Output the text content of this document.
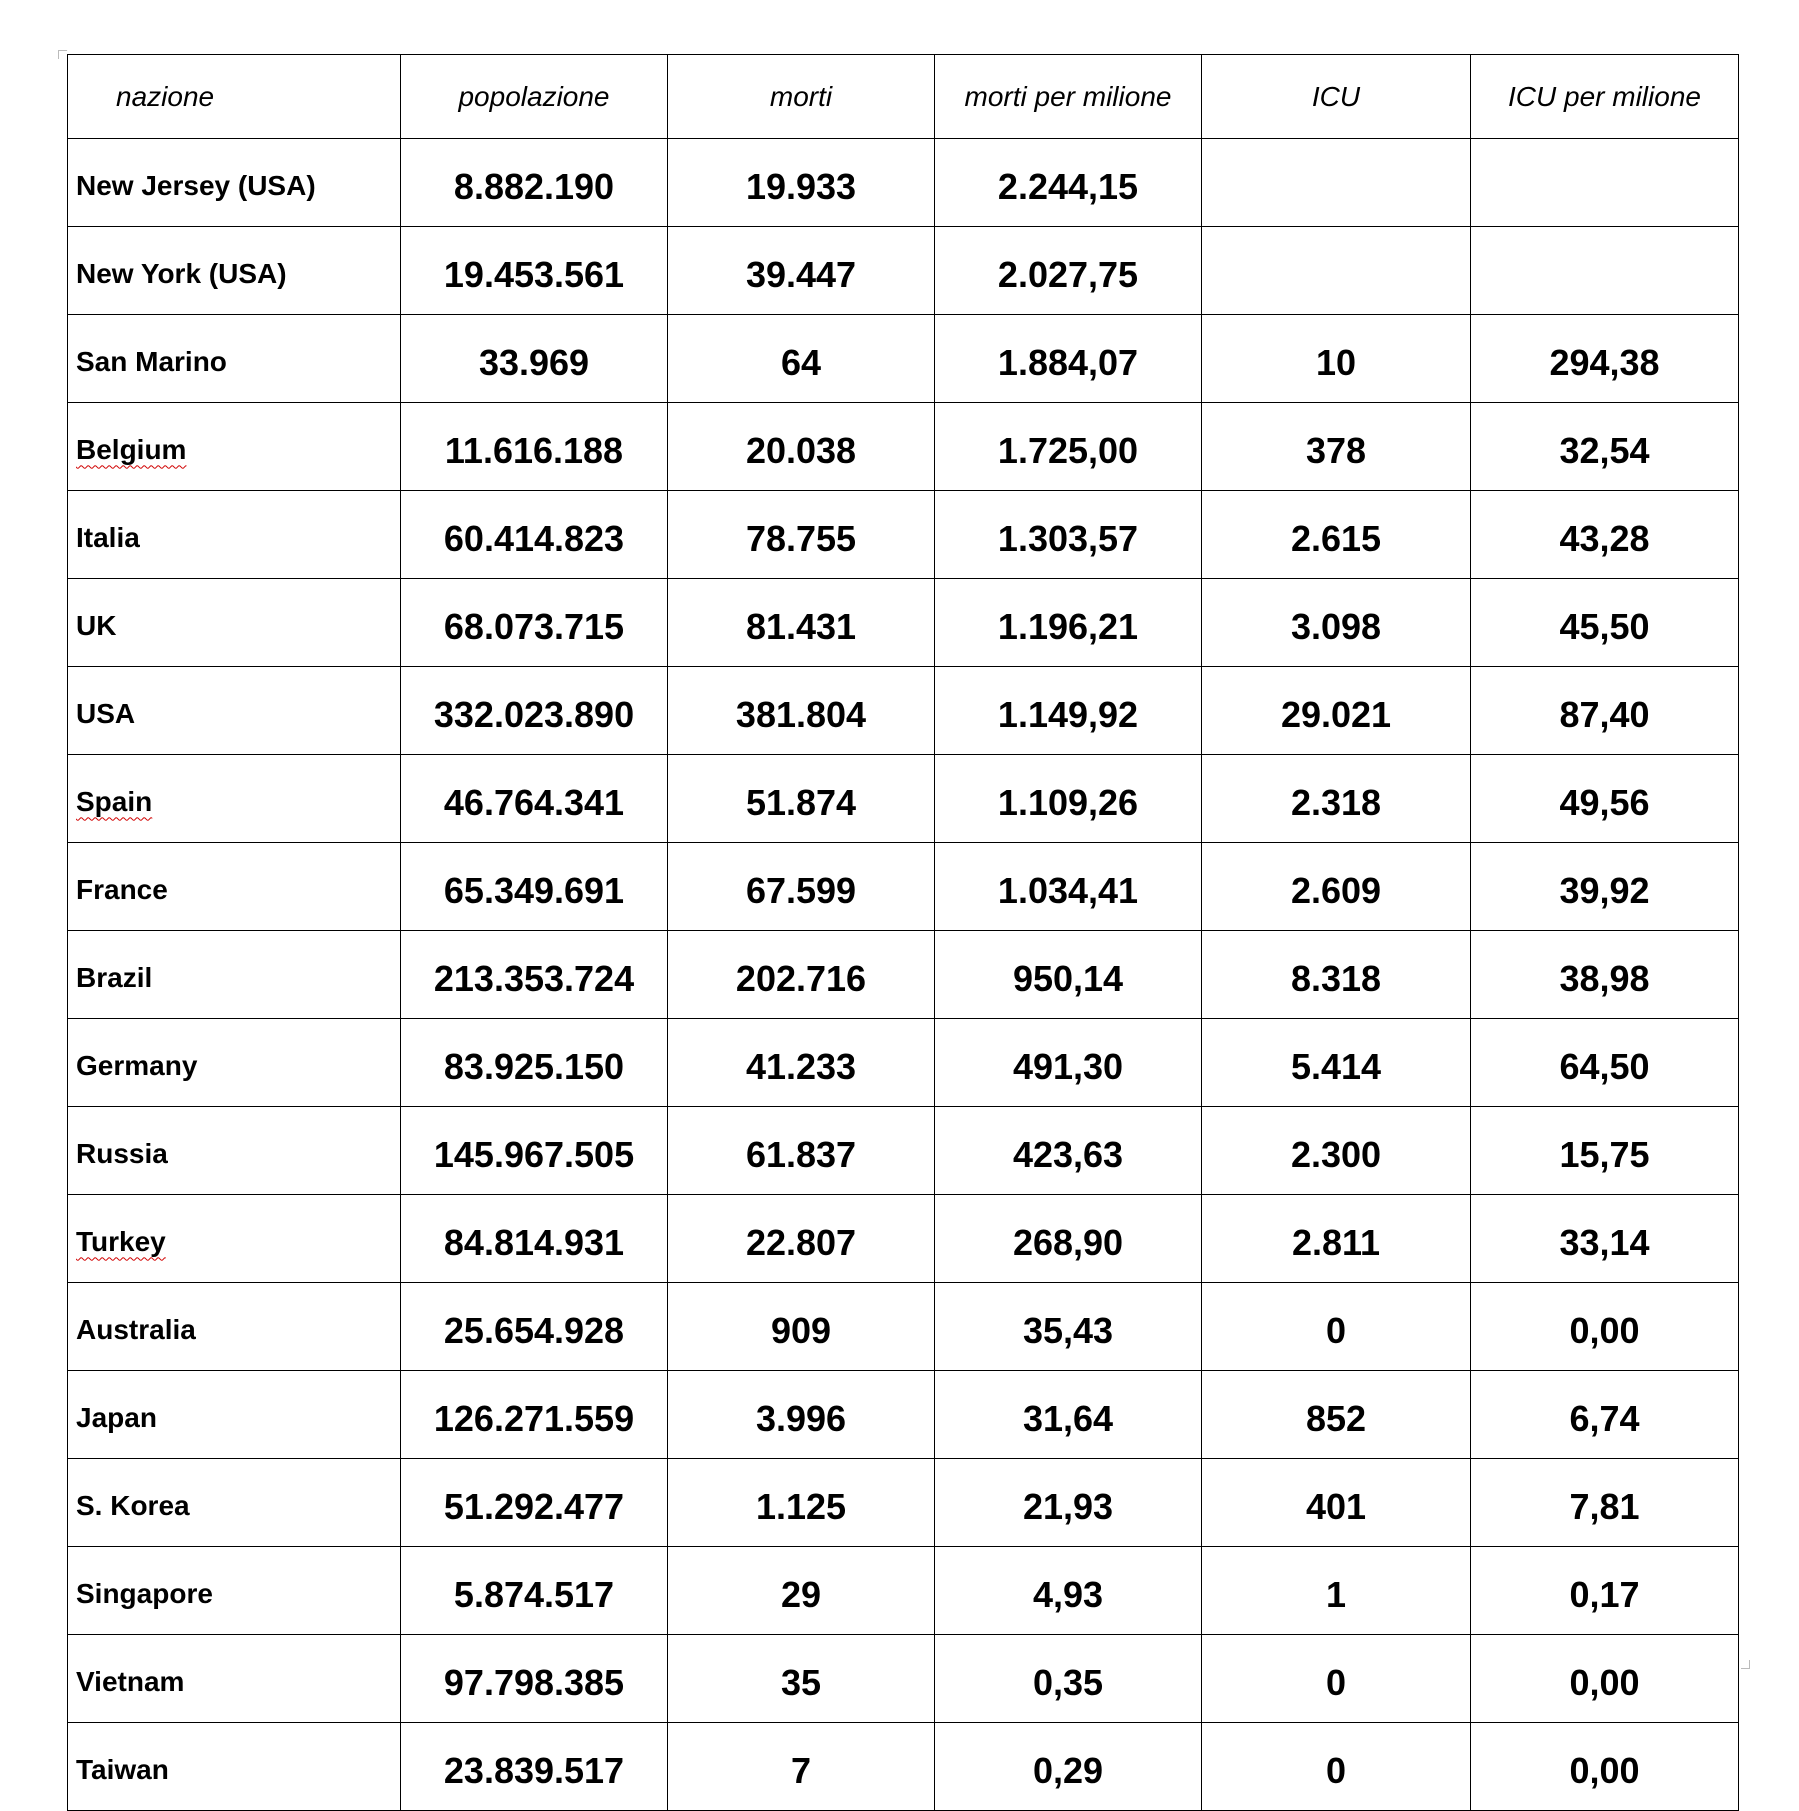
nazione	popolazione	morti	morti per milione	ICU	ICU per milione
New Jersey (USA)	8.882.190	19.933	2.244,15		
New York (USA)	19.453.561	39.447	2.027,75		
San Marino	33.969	64	1.884,07	10	294,38
Belgium	11.616.188	20.038	1.725,00	378	32,54
Italia	60.414.823	78.755	1.303,57	2.615	43,28
UK	68.073.715	81.431	1.196,21	3.098	45,50
USA	332.023.890	381.804	1.149,92	29.021	87,40
Spain	46.764.341	51.874	1.109,26	2.318	49,56
France	65.349.691	67.599	1.034,41	2.609	39,92
Brazil	213.353.724	202.716	950,14	8.318	38,98
Germany	83.925.150	41.233	491,30	5.414	64,50
Russia	145.967.505	61.837	423,63	2.300	15,75
Turkey	84.814.931	22.807	268,90	2.811	33,14
Australia	25.654.928	909	35,43	0	0,00
Japan	126.271.559	3.996	31,64	852	6,74
S. Korea	51.292.477	1.125	21,93	401	7,81
Singapore	5.874.517	29	4,93	1	0,17
Vietnam	97.798.385	35	0,35	0	0,00
Taiwan	23.839.517	7	0,29	0	0,00
